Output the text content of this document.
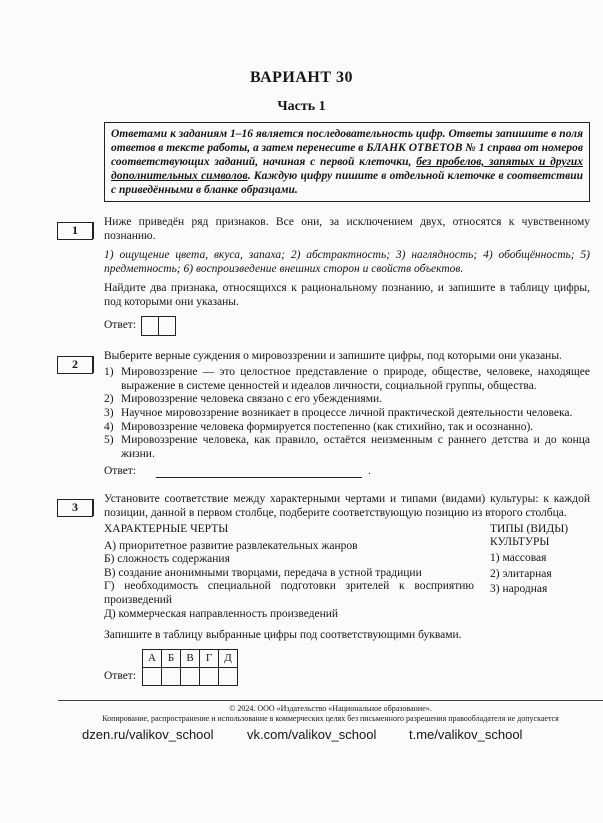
ВАРИАНТ 30
Часть 1
Ответами к заданиям 1–16 является последовательность цифр. Ответы запишите в поля ответов в тексте работы, а затем перенесите в БЛАНК ОТВЕТОВ № 1 справа от номеров соответствующих заданий, начиная с первой клеточки, без пробелов, запятых и других дополнительных символов. Каждую цифру пишите в отдельной клеточке в соответствии с приведёнными в бланке образцами.
1

Ниже приведён ряд признаков. Все они, за исключением двух, относятся к чувственному познанию.

1) ощущение цвета, вкуса, запаха; 2) абстрактность; 3) наглядность; 4) обобщённость; 5) предметность; 6) воспроизведение внешних сторон и свойств объектов.

Найдите два признака, относящихся к рациональному познанию, и запишите в таблицу цифры, под которыми они указаны.

Ответ:
2

Выберите верные суждения о мировоззрении и запишите цифры, под которыми они указаны.

1) Мировоззрение — это целостное представление о природе, обществе, человеке, находящее выражение в системе ценностей и идеалов личности, социальной группы, общества.
2) Мировоззрение человека связано с его убеждениями.
3) Научное мировоззрение возникает в процессе личной практической деятельности человека.
4) Мировоззрение человека формируется постепенно (как стихийно, так и осознанно).
5) Мировоззрение человека, как правило, остаётся неизменным с раннего детства и до конца жизни.
Ответ:	.
3

Установите соответствие между характерными чертами и типами (видами) культуры: к каждой позиции, данной в первом столбце, подберите соответствующую позицию из второго столбца.

ХАРАКТЕРНЫЕ ЧЕРТЫ
А) приоритетное развитие развлекательных жанров
Б) сложность содержания
В) создание анонимными творцами, передача в устной традиции
Г) необходимость специальной подготовки зрителей к восприятию произведений
Д) коммерческая направленность произведений
ТИПЫ (ВИДЫ) КУЛЬТУРЫ
1) массовая
2) элитарная
3) народная

Запишите в таблицу выбранные цифры под соответствующими буквами.

Ответ:
А	Б	В	Г	Д

© 2024. ООО «Издательство «Национальное образование».
Копирование, распространение и использование в коммерческих целях без письменного разрешения правообладателя не допускается
dzen.ru/valikov_school	vk.com/valikov_school	t.me/valikov_school
